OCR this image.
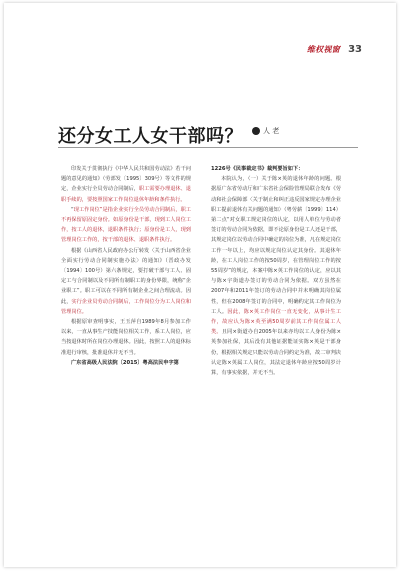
维权视窗 33
还分女工人女干部吗？	人 老

印发关于贯彻执行《中华人民共和国劳动法》若干问题的意见的通知》（劳部发〔1995〕309号）等文件的规定，企业实行全员劳动合同制后，职工需要办理退休、退职手续的，要按照国家工作岗位退休年龄和条件执行。

“现工作岗位”是指企业实行全员劳动合同制后，职工不再保留原固定身份。如原身份是干部，现到工人岗位工作，按工人的退休，退职条件执行；原身份是工人，现到管理岗位工作的，按干部的退休、退职条件执行。

根据《山西省人民政府办公厅转发〈关于山西省企业全面实行劳动合同制实施办法〉的通知》（晋政办发〔1994〕100号）第六条规定，要打破干部与工人、固定工与合同制以及不同所有制职工的身份界限，统称“企业职工”。职工可以在不同所有制企业之间合理流动。因此，实行企业员劳动合同制后，工作岗位分为工人岗位和管理岗位。

根据原审查明事实，王玉萍自1989年8月参加工作以来，一直从事生产技能岗位相关工作，系工人岗位，应当按退休时所在岗位办理退休。因此，按照工人的退休标准进行审核，批准退休并无不当。

广东省高级人民法院〔2015〕粤高法民申字第

1226号《民事裁定书》裁判要旨如下：

本院认为，（一）关于陈×英的退休年龄的问题。根据原广东省劳动厅和广东省社会保险管理局联合发布《劳动和社会保障部〈关于制止和纠正违反国家规定办理企业职工提前退休有关问题的通知〉（粤劳薪〔1999〕114）第二点“对女职工规定岗位的认定，以用人单位与劳动者签订的劳动合同为依据，即不论原身份是工人还是干部，其规定岗位以劳动合同中确定的岗位为准，凡在规定岗位工作一年以上，均应以规定岗位认定其身份。其退休年龄，在工人岗位工作的按50周岁，在管理岗位工作的按55周岁”的规定，本案中陈×英工作岗位的认定，应以其与陈×宇街道办签订的劳动合同为依据。双方虽然在2007年和2011年签订的劳动合同中并未明确其岗位属性，但在2008年签订的合同中，明确约定其工作岗位为工人。因此，陈×英工作岗位一直无变化，从事计生工作，故应认为陈×英至满50周岁前其工作岗位属工人类。且同×街道办自2005年以来亦均以工人身份为陈×英参加社保，其后没有其他证据能证实陈×英是干部身份，根据相关规定只能以劳动合同约定为准，故二审判决认定陈×英属工人岗位，其法定退休年龄应按50周岁计算，有事实依据，并无不当。
